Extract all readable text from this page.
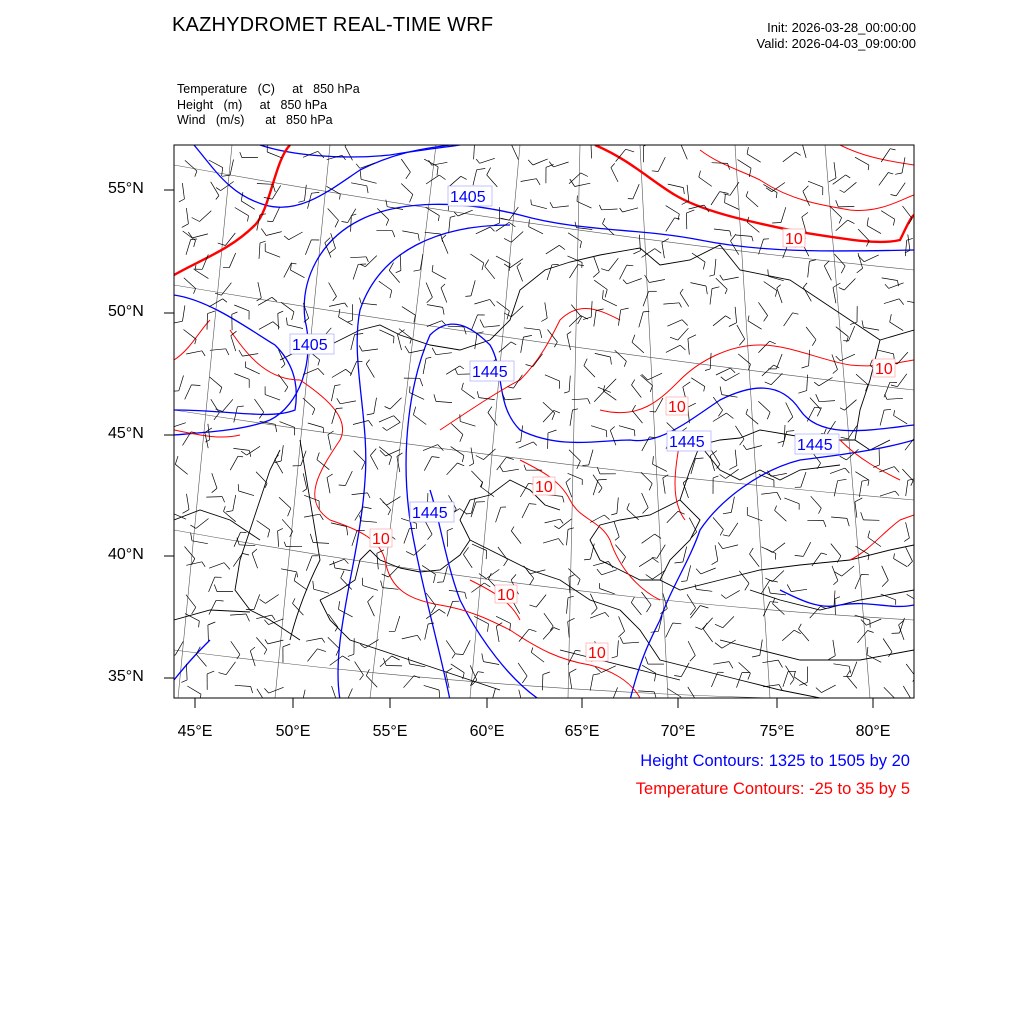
KAZHYDROMET REAL-TIME WRF	Init: 2026-03-28_00:00:00
Valid: 2026-04-03_09:00:00
Temperature   (C)     at   850 hPa
Height   (m)     at   850 hPa
Wind   (m/s)      at   850 hPa
1405
1405
1445
1445
1445	1445
10
10
10
10
10
10
10
55°N
50°N
45°N
40°N
35°N
45°E	50°E	55°E	60°E	65°E	70°E	75°E	80°E
Height Contours: 1325 to 1505 by 20
Temperature Contours: -25 to 35 by 5
